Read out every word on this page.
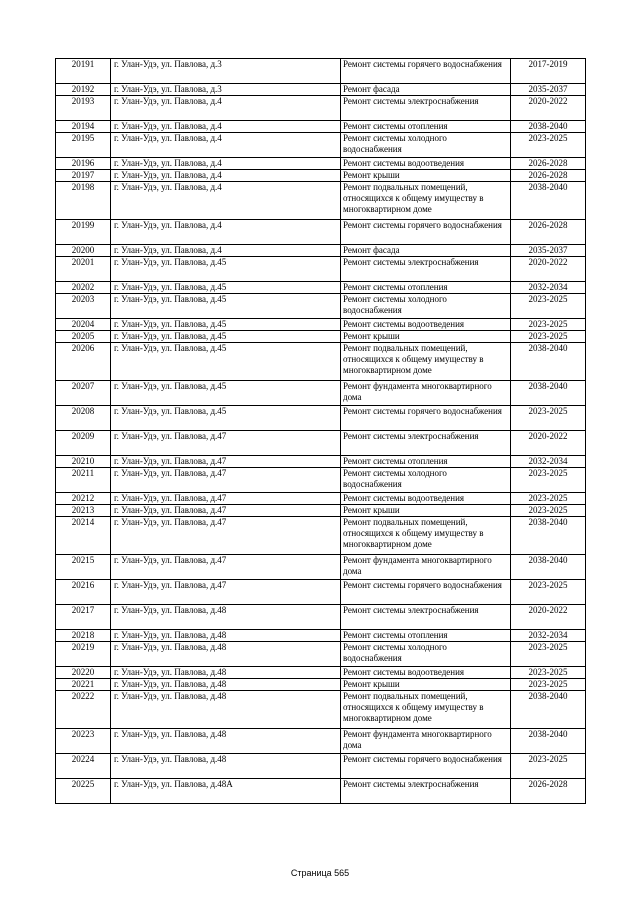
20191	г. Улан-Удэ, ул. Павлова, д.3	Ремонт системы горячего водоснабжения	2017-2019
20192	г. Улан-Удэ, ул. Павлова, д.3	Ремонт фасада	2035-2037
20193	г. Улан-Удэ, ул. Павлова, д.4	Ремонт системы электроснабжения	2020-2022
20194	г. Улан-Удэ, ул. Павлова, д.4	Ремонт системы отопления	2038-2040
20195	г. Улан-Удэ, ул. Павлова, д.4	Ремонт системы холодного водоснабжения	2023-2025
20196	г. Улан-Удэ, ул. Павлова, д.4	Ремонт системы водоотведения	2026-2028
20197	г. Улан-Удэ, ул. Павлова, д.4	Ремонт крыши	2026-2028
20198	г. Улан-Удэ, ул. Павлова, д.4	Ремонт подвальных помещений, относящихся к общему имуществу в многоквартирном доме	2038-2040
20199	г. Улан-Удэ, ул. Павлова, д.4	Ремонт системы горячего водоснабжения	2026-2028
20200	г. Улан-Удэ, ул. Павлова, д.4	Ремонт фасада	2035-2037
20201	г. Улан-Удэ, ул. Павлова, д.45	Ремонт системы электроснабжения	2020-2022
20202	г. Улан-Удэ, ул. Павлова, д.45	Ремонт системы отопления	2032-2034
20203	г. Улан-Удэ, ул. Павлова, д.45	Ремонт системы холодного водоснабжения	2023-2025
20204	г. Улан-Удэ, ул. Павлова, д.45	Ремонт системы водоотведения	2023-2025
20205	г. Улан-Удэ, ул. Павлова, д.45	Ремонт крыши	2023-2025
20206	г. Улан-Удэ, ул. Павлова, д.45	Ремонт подвальных помещений, относящихся к общему имуществу в многоквартирном доме	2038-2040
20207	г. Улан-Удэ, ул. Павлова, д.45	Ремонт фундамента многоквартирного дома	2038-2040
20208	г. Улан-Удэ, ул. Павлова, д.45	Ремонт системы горячего водоснабжения	2023-2025
20209	г. Улан-Удэ, ул. Павлова, д.47	Ремонт системы электроснабжения	2020-2022
20210	г. Улан-Удэ, ул. Павлова, д.47	Ремонт системы отопления	2032-2034
20211	г. Улан-Удэ, ул. Павлова, д.47	Ремонт системы холодного водоснабжения	2023-2025
20212	г. Улан-Удэ, ул. Павлова, д.47	Ремонт системы водоотведения	2023-2025
20213	г. Улан-Удэ, ул. Павлова, д.47	Ремонт крыши	2023-2025
20214	г. Улан-Удэ, ул. Павлова, д.47	Ремонт подвальных помещений, относящихся к общему имуществу в многоквартирном доме	2038-2040
20215	г. Улан-Удэ, ул. Павлова, д.47	Ремонт фундамента многоквартирного дома	2038-2040
20216	г. Улан-Удэ, ул. Павлова, д.47	Ремонт системы горячего водоснабжения	2023-2025
20217	г. Улан-Удэ, ул. Павлова, д.48	Ремонт системы электроснабжения	2020-2022
20218	г. Улан-Удэ, ул. Павлова, д.48	Ремонт системы отопления	2032-2034
20219	г. Улан-Удэ, ул. Павлова, д.48	Ремонт системы холодного водоснабжения	2023-2025
20220	г. Улан-Удэ, ул. Павлова, д.48	Ремонт системы водоотведения	2023-2025
20221	г. Улан-Удэ, ул. Павлова, д.48	Ремонт крыши	2023-2025
20222	г. Улан-Удэ, ул. Павлова, д.48	Ремонт подвальных помещений, относящихся к общему имуществу в многоквартирном доме	2038-2040
20223	г. Улан-Удэ, ул. Павлова, д.48	Ремонт фундамента многоквартирного дома	2038-2040
20224	г. Улан-Удэ, ул. Павлова, д.48	Ремонт системы горячего водоснабжения	2023-2025
20225	г. Улан-Удэ, ул. Павлова, д.48А	Ремонт системы электроснабжения	2026-2028
Страница 565
